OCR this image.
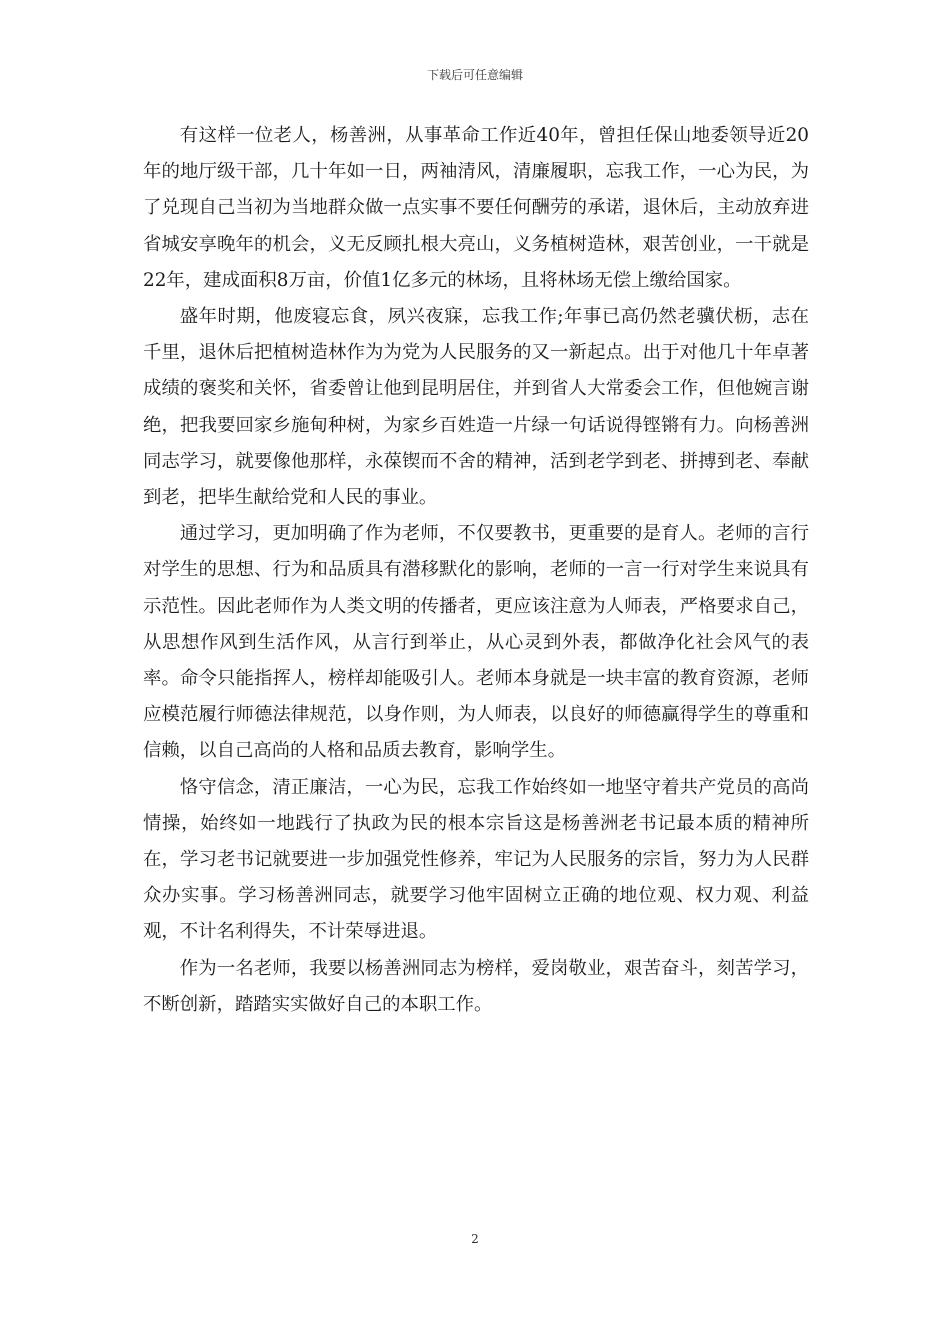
下载后可任意编辑

有这样一位老人，杨善洲，从事革命工作近40年，曾担任保山地委领导近20年的地厅级干部，几十年如一日，两袖清风，清廉履职，忘我工作，一心为民，为了兑现自己当初为当地群众做一点实事不要任何酬劳的承诺，退休后，主动放弃进省城安享晚年的机会，义无反顾扎根大亮山，义务植树造林，艰苦创业，一干就是22年，建成面积8万亩，价值1亿多元的林场，且将林场无偿上缴给国家。

盛年时期，他废寝忘食，夙兴夜寐，忘我工作;年事已高仍然老骥伏枥，志在千里，退休后把植树造林作为为党为人民服务的又一新起点。出于对他几十年卓著成绩的褒奖和关怀，省委曾让他到昆明居住，并到省人大常委会工作，但他婉言谢绝，把我要回家乡施甸种树，为家乡百姓造一片绿一句话说得铿锵有力。向杨善洲同志学习，就要像他那样，永葆锲而不舍的精神，活到老学到老、拼搏到老、奉献到老，把毕生献给党和人民的事业。

通过学习，更加明确了作为老师，不仅要教书，更重要的是育人。老师的言行对学生的思想、行为和品质具有潜移默化的影响，老师的一言一行对学生来说具有示范性。因此老师作为人类文明的传播者，更应该注意为人师表，严格要求自己，从思想作风到生活作风，从言行到举止，从心灵到外表，都做净化社会风气的表率。命令只能指挥人，榜样却能吸引人。老师本身就是一块丰富的教育资源，老师应模范履行师德法律规范，以身作则，为人师表，以良好的师德赢得学生的尊重和信赖，以自己高尚的人格和品质去教育，影响学生。

恪守信念，清正廉洁，一心为民，忘我工作始终如一地坚守着共产党员的高尚情操，始终如一地践行了执政为民的根本宗旨这是杨善洲老书记最本质的精神所在，学习老书记就要进一步加强党性修养，牢记为人民服务的宗旨，努力为人民群众办实事。学习杨善洲同志，就要学习他牢固树立正确的地位观、权力观、利益观，不计名利得失，不计荣辱进退。

作为一名老师，我要以杨善洲同志为榜样，爱岗敬业，艰苦奋斗，刻苦学习，不断创新，踏踏实实做好自己的本职工作。

2
